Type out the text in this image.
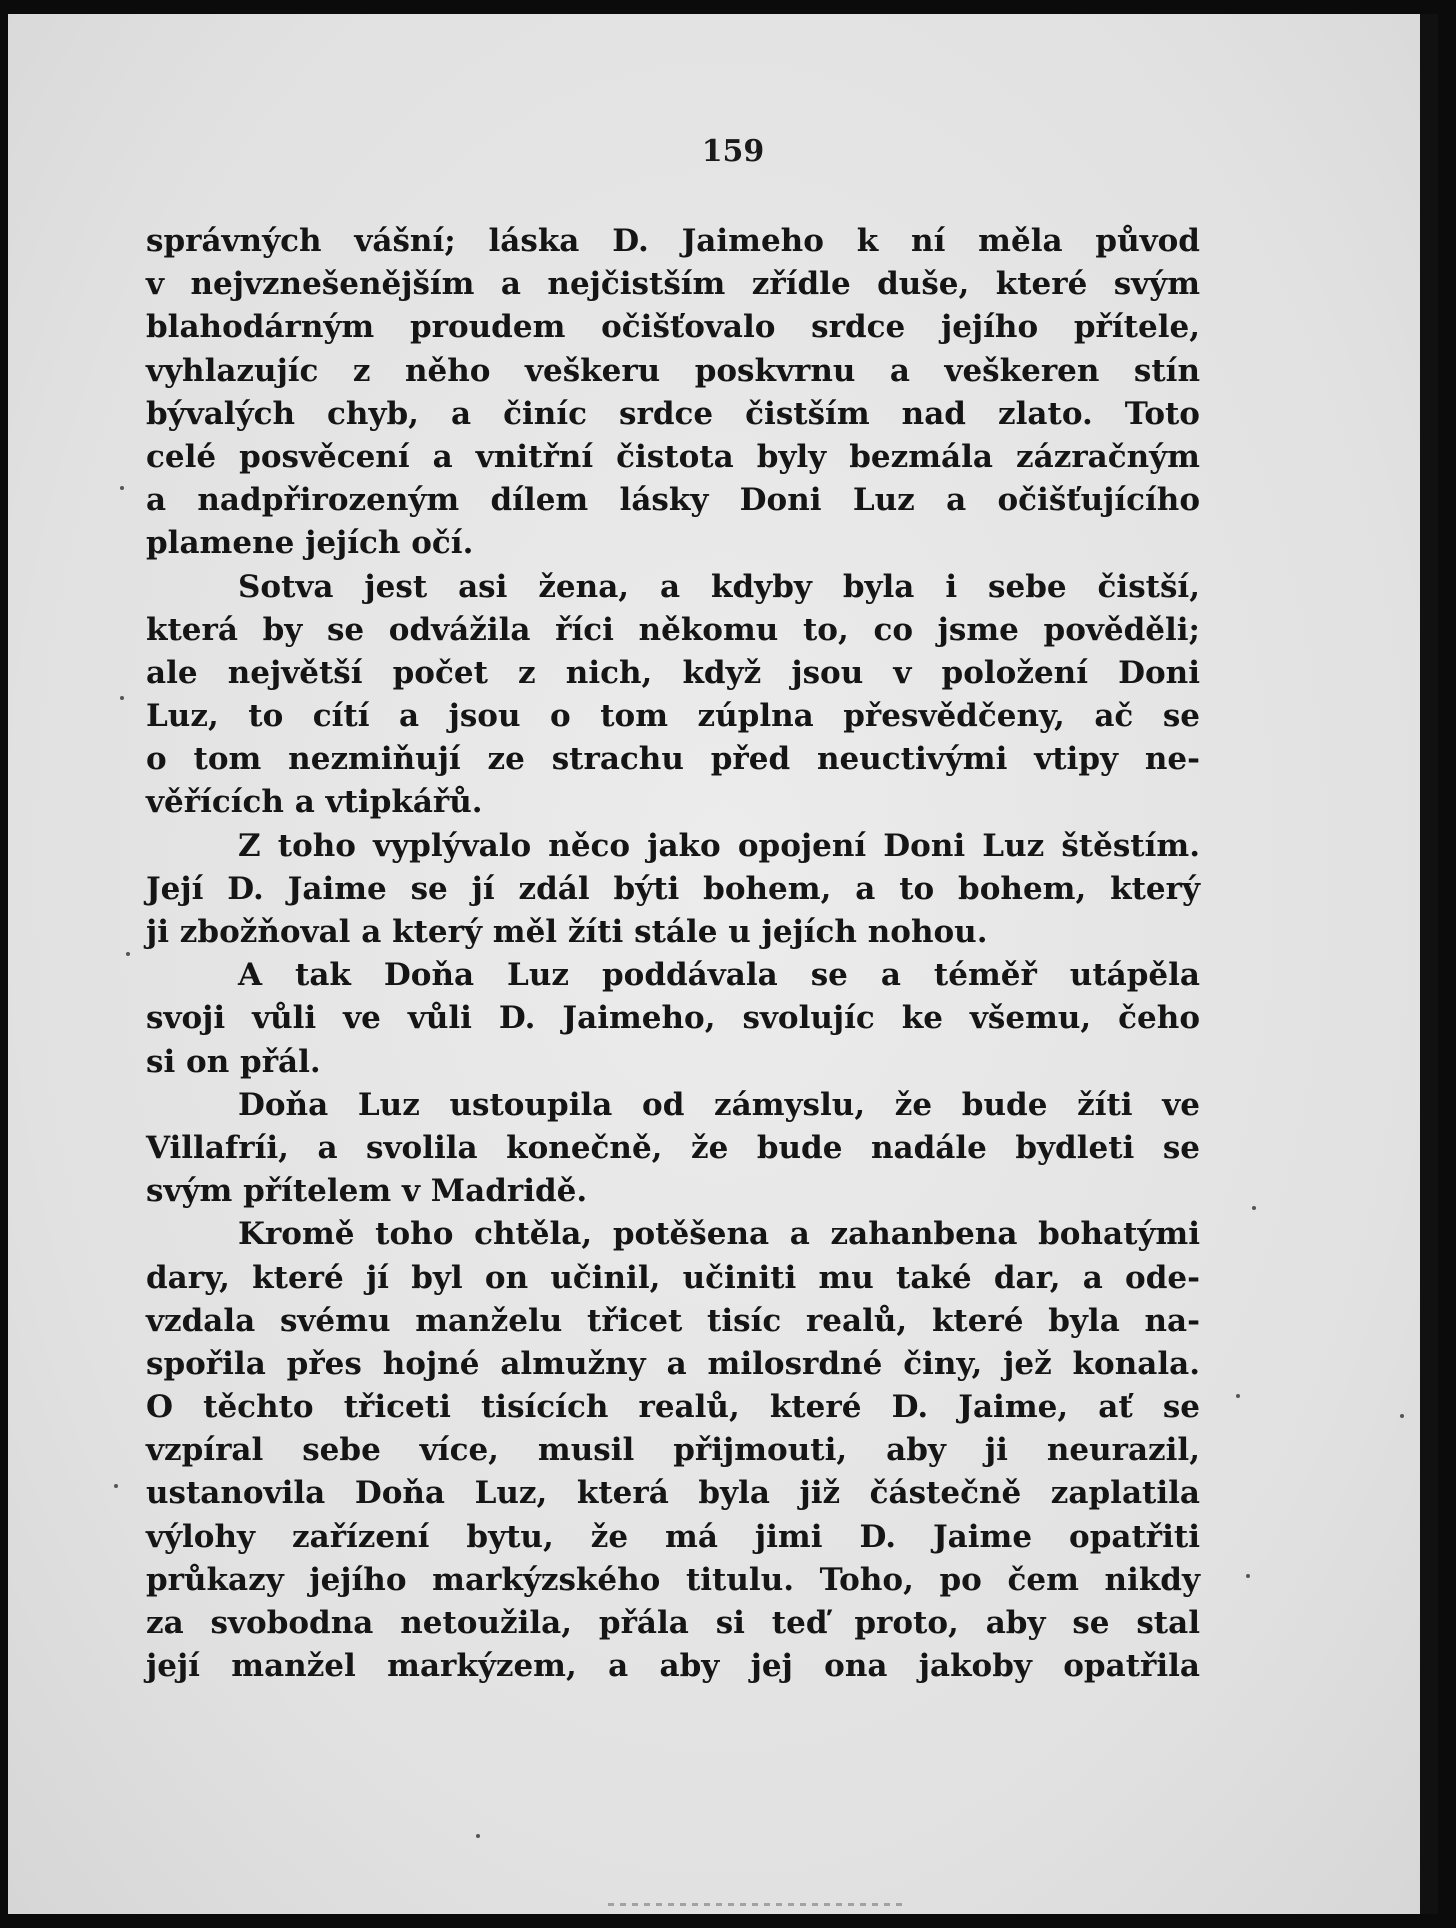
159
správných vášní; láska D. Jaimeho k ní měla původ
v nejvznešenějším a nejčistším zřídle duše, které svým
blahodárným proudem očišťovalo srdce jejího přítele,
vyhlazujíc z něho veškeru poskvrnu a veškeren stín
bývalých chyb, a činíc srdce čistším nad zlato. Toto
celé posvěcení a vnitřní čistota byly bezmála zázračným
a nadpřirozeným dílem lásky Doni Luz a očišťujícího
plamene jejích očí.
Sotva jest asi žena, a kdyby byla i sebe čistší,
která by se odvážila říci někomu to, co jsme pověděli;
ale největší počet z nich, když jsou v položení Doni
Luz, to cítí a jsou o tom zúplna přesvědčeny, ač se
o tom nezmiňují ze strachu před neuctivými vtipy ne-
věřících a vtipkářů.
Z toho vyplývalo něco jako opojení Doni Luz štěstím.
Její D. Jaime se jí zdál býti bohem, a to bohem, který
ji zbožňoval a který měl žíti stále u jejích nohou.
A tak Doňa Luz poddávala se a téměř utápěla
svoji vůli ve vůli D. Jaimeho, svolujíc ke všemu, čeho
si on přál.
Doňa Luz ustoupila od zámyslu, že bude žíti ve
Villafríi, a svolila konečně, že bude nadále bydleti se
svým přítelem v Madridě.
Kromě toho chtěla, potěšena a zahanbena bohatými
dary, které jí byl on učinil, učiniti mu také dar, a ode-
vzdala svému manželu třicet tisíc realů, které byla na-
spořila přes hojné almužny a milosrdné činy, jež konala.
O těchto třiceti tisících realů, které D. Jaime, ať se
vzpíral sebe více, musil přijmouti, aby ji neurazil,
ustanovila Doňa Luz, která byla již částečně zaplatila
výlohy zařízení bytu, že má jimi D. Jaime opatřiti
průkazy jejího markýzského titulu. Toho, po čem nikdy
za svobodna netoužila, přála si teď proto, aby se stal
její manžel markýzem, a aby jej ona jakoby opatřila
